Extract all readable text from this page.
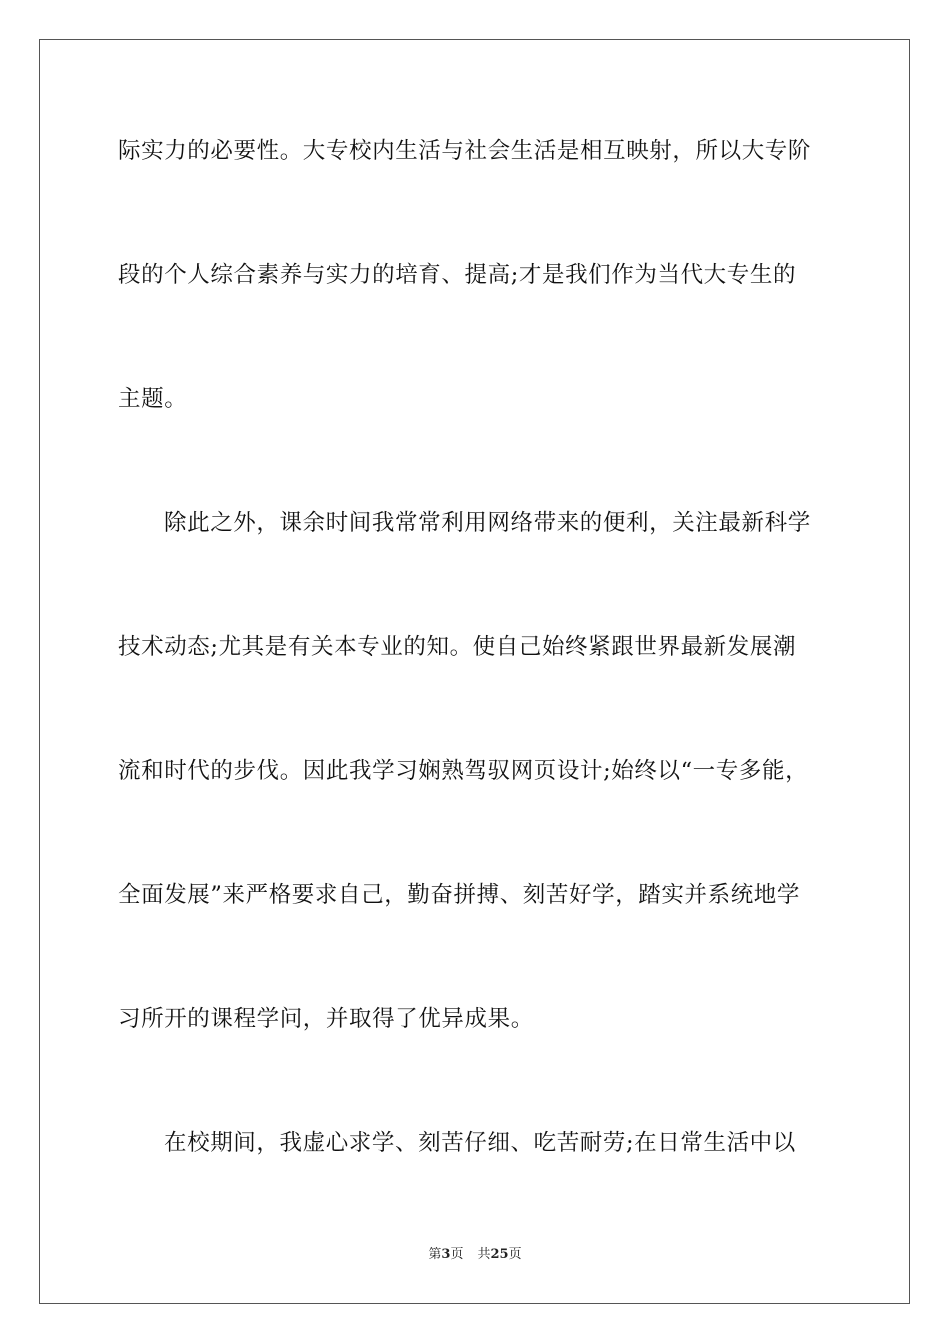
际实力的必要性。大专校内生活与社会生活是相互映射，所以大专阶
段的个人综合素养与实力的培育、提高;才是我们作为当代大专生的
主题。
除此之外，课余时间我常常利用网络带来的便利，关注最新科学
技术动态;尤其是有关本专业的知。使自己始终紧跟世界最新发展潮
流和时代的步伐。因此我学习娴熟驾驭网页设计;始终以“一专多能，
全面发展”来严格要求自己，勤奋拼搏、刻苦好学，踏实并系统地学
习所开的课程学问，并取得了优异成果。
在校期间，我虚心求学、刻苦仔细、吃苦耐劳;在日常生活中以
第3页 共25页
